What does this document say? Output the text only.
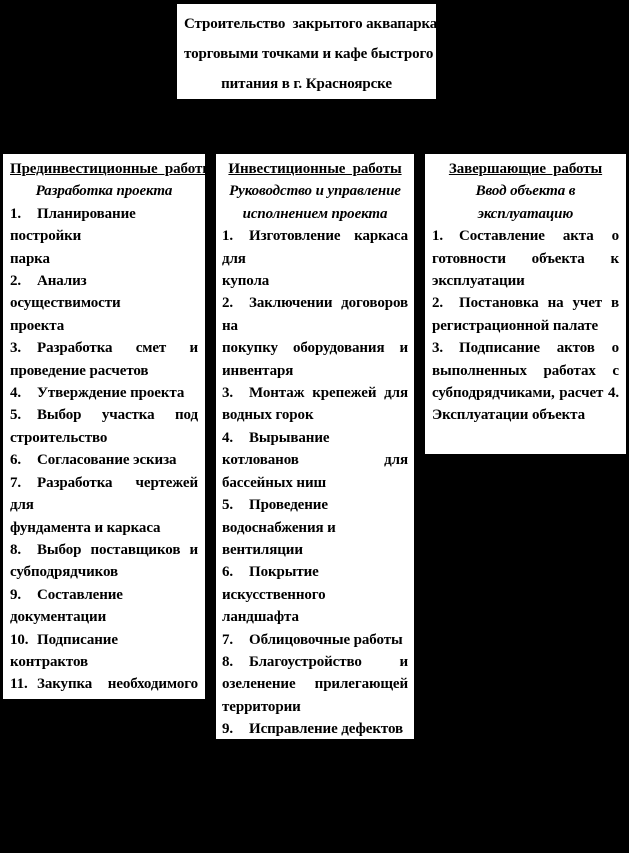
Строительство  закрытого аквапарка с
торговыми точками и кафе быстрого
питания в г. Красноярске
Прединвестиционные  работы
Разработка проекта
1. Планирование постройки
парка
2. Анализ осуществимости
проекта
3. Разработка смет и
проведение расчетов
4. Утверждение проекта
5. Выбор участка под
строительство
6. Согласование эскиза
7. Разработка чертежей для
фундамента и каркаса
8. Выбор поставщиков и
субподрядчиков
9. Составление документации
10. Подписание контрактов
11. Закупка необходимого
оборудования
Инвестиционные  работы
Руководство и управление
исполнением проекта
1. Изготовление каркаса для
купола
2. Заключении договоров на
покупку оборудования и
инвентаря
3. Монтаж крепежей для
водных горок
4. Вырывание котлованов для
бассейных ниш
5. Проведение
водоснабжения и вентиляции
6. Покрытие искусственного
ландшафта
7. Облицовочные работы
8. Благоустройство и
озеленение прилегающей
территории
9. Исправление дефектов
10. Набор персонала
11. Разработка маркетинговой
политики
12. Завершающие работы
Завершающие  работы
Ввод объекта в эксплуатацию
1. Составление акта о
готовности объекта к
эксплуатации
2. Постановка на учет в
регистрационной палате
3. Подписание актов о
выполненных работах с
субподрядчиками, расчет 4.
Эксплуатации объекта
